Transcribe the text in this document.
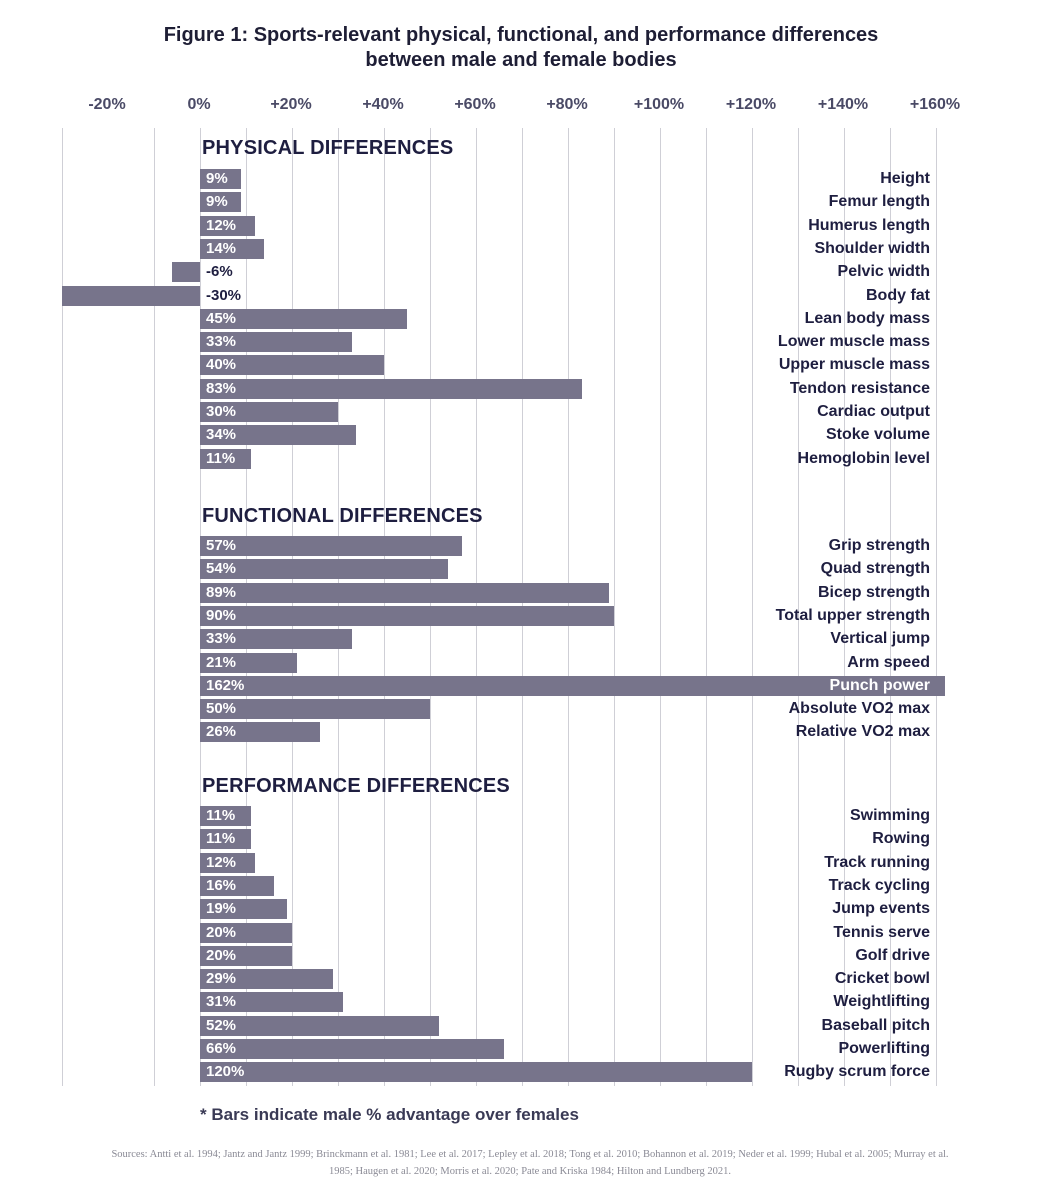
Figure 1: Sports-relevant physical, functional, and performance differences
between male and female bodies
-20%	0%	+20%	+40%	+60%	+80%	+100%	+120%	+140%	+160%
PHYSICAL DIFFERENCES
9%	Height
9%	Femur length
12%	Humerus length
14%	Shoulder width
-6%	Pelvic width
-30%	Body fat
45%	Lean body mass
33%	Lower muscle mass
40%	Upper muscle mass
83%	Tendon resistance
30%	Cardiac output
34%	Stoke volume
11%	Hemoglobin level
FUNCTIONAL DIFFERENCES
57%	Grip strength
54%	Quad strength
89%	Bicep strength
90%	Total upper strength
33%	Vertical jump
21%	Arm speed
162%	Punch power
50%	Absolute VO2 max
26%	Relative VO2 max
PERFORMANCE DIFFERENCES
11%	Swimming
11%	Rowing
12%	Track running
16%	Track cycling
19%	Jump events
20%	Tennis serve
20%	Golf drive
29%	Cricket bowl
31%	Weightlifting
52%	Baseball pitch
66%	Powerlifting
120%	Rugby scrum force
* Bars indicate male % advantage over females
Sources: Antti et al. 1994; Jantz and Jantz 1999; Brinckmann et al. 1981; Lee et al. 2017; Lepley et al. 2018; Tong et al. 2010; Bohannon et al. 2019; Neder et al. 1999; Hubal et al. 2005; Murray et al. 1985; Haugen et al. 2020; Morris et al. 2020; Pate and Kriska 1984; Hilton and Lundberg 2021.
